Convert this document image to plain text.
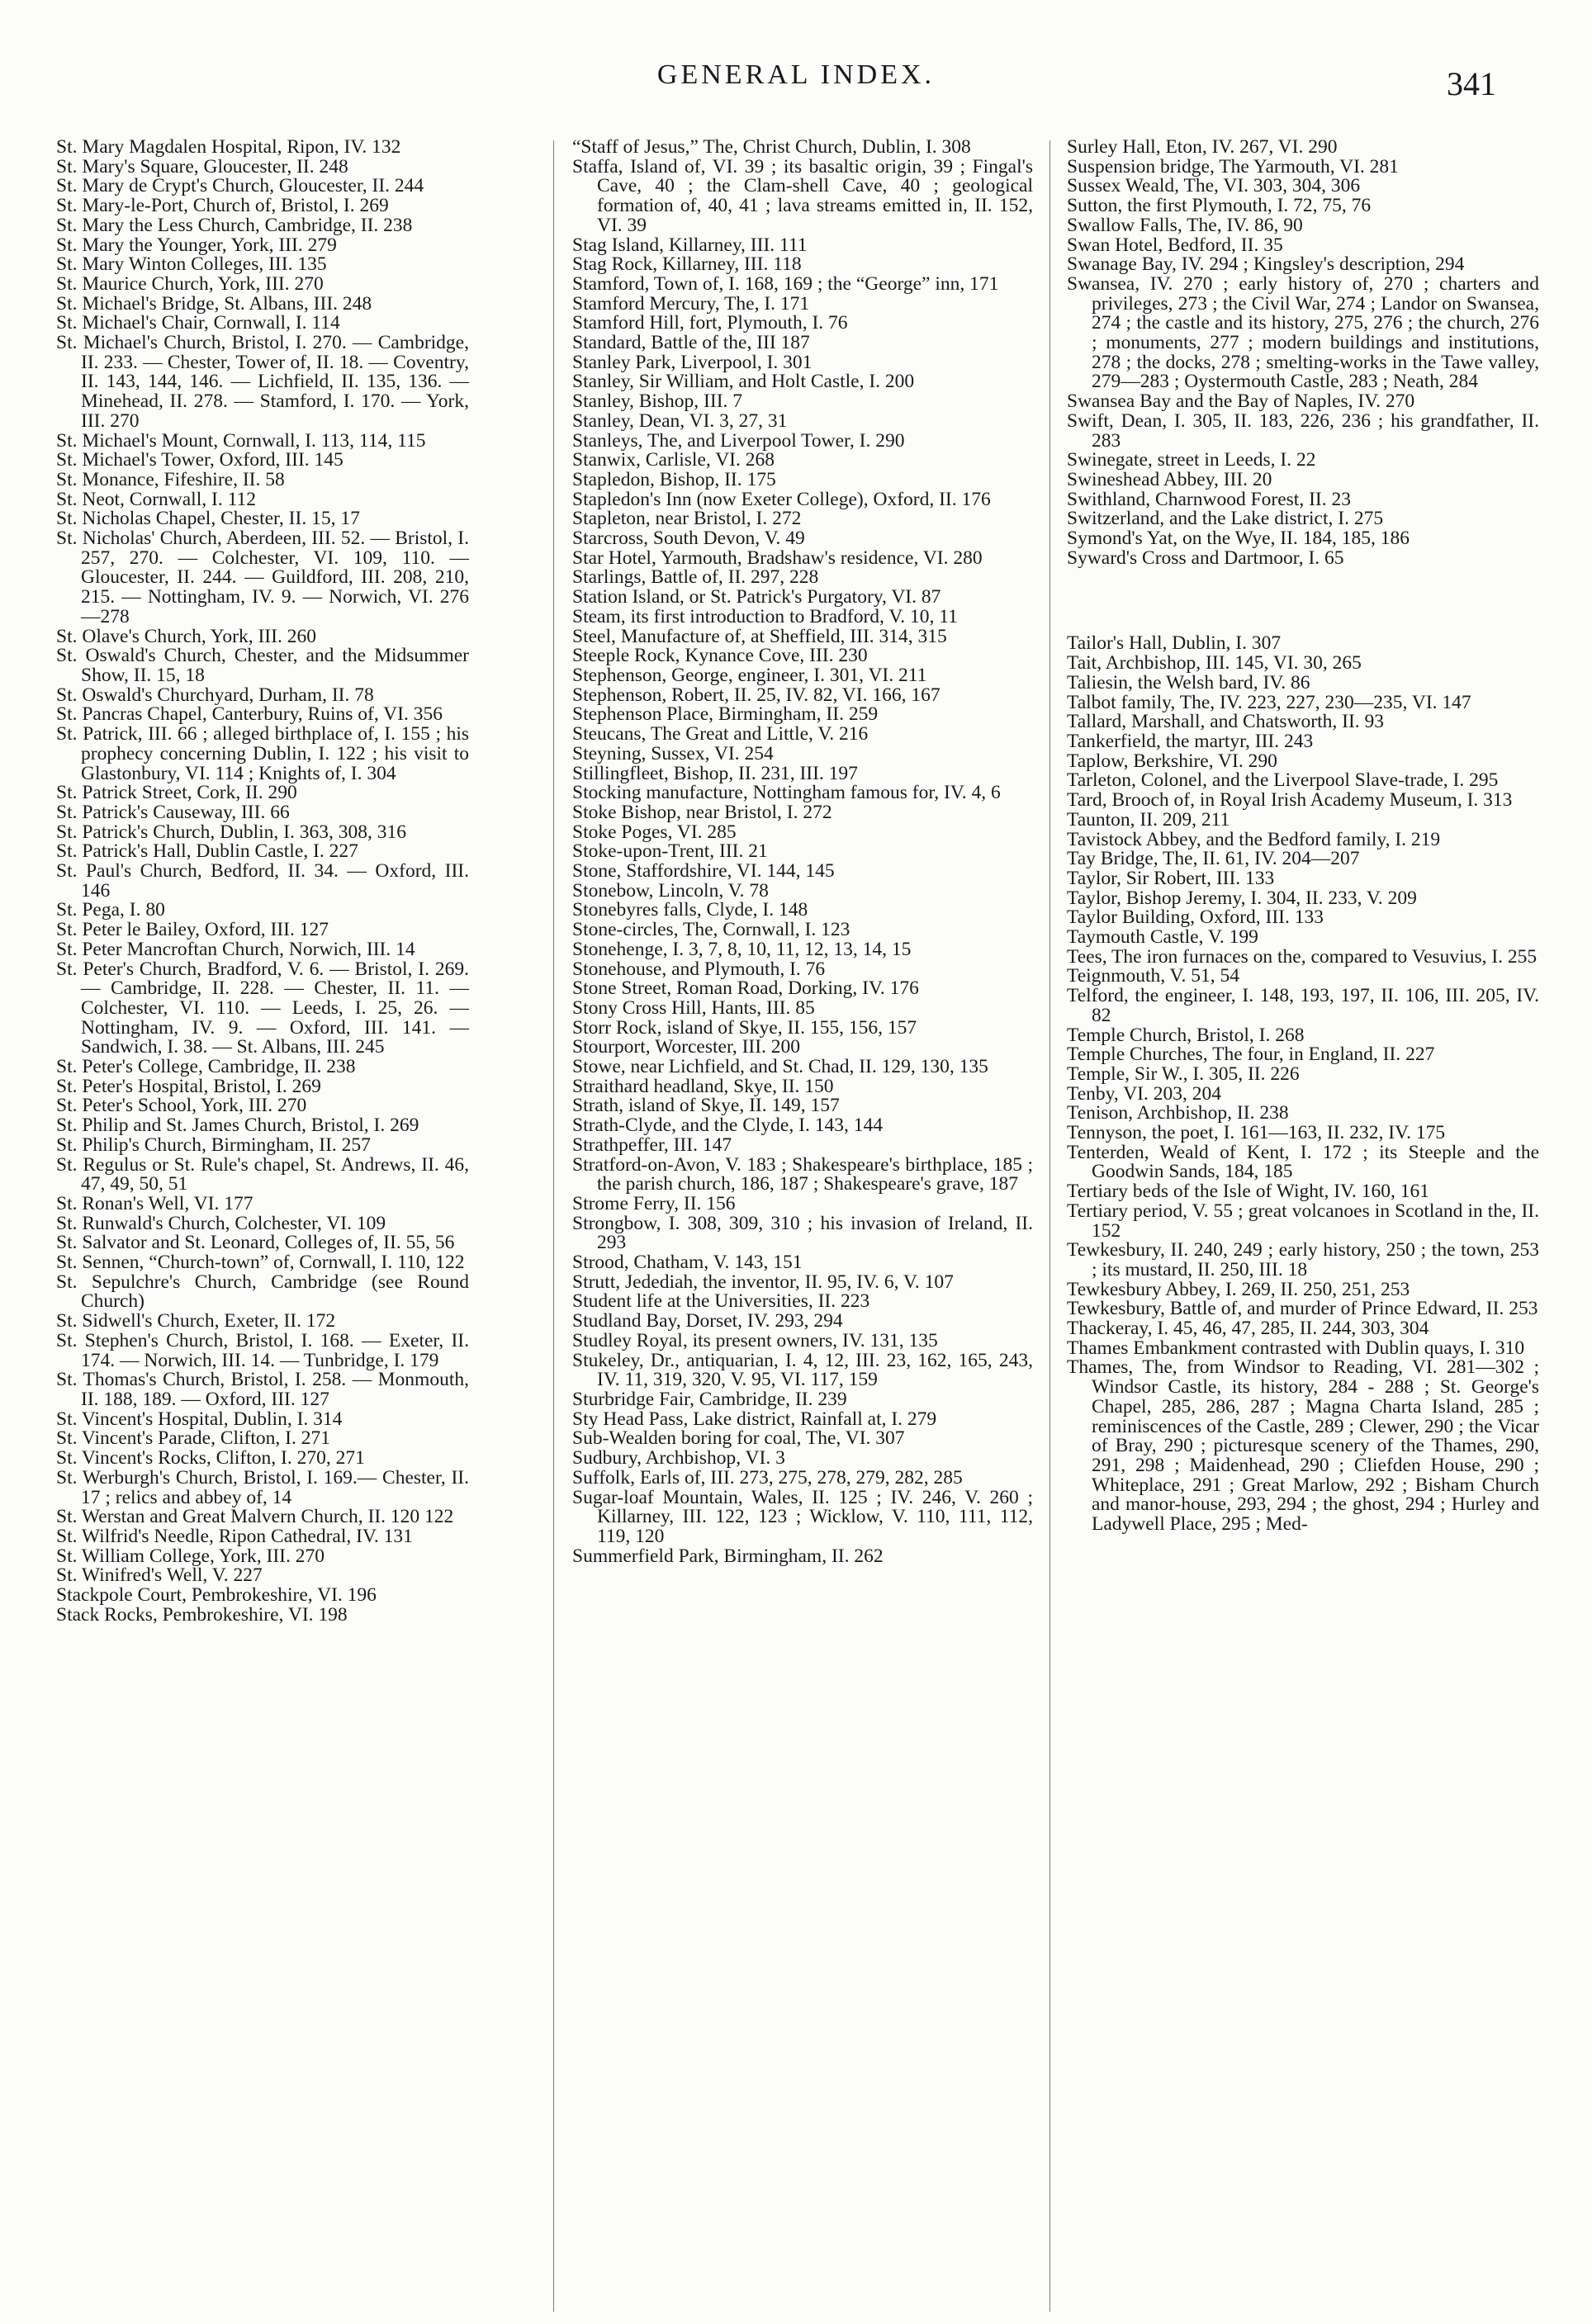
GENERAL INDEX.	341

St. Mary Magdalen Hospital, Ripon, IV. 132

St. Mary's Square, Gloucester, II. 248

St. Mary de Crypt's Church, Gloucester, II. 244

St. Mary-le-Port, Church of, Bristol, I. 269

St. Mary the Less Church, Cambridge, II. 238

St. Mary the Younger, York, III. 279

St. Mary Winton Colleges, III. 135

St. Maurice Church, York, III. 270

St. Michael's Bridge, St. Albans, III. 248

St. Michael's Chair, Cornwall, I. 114

St. Michael's Church, Bristol, I. 270. — Cambridge, II. 233. — Chester, Tower of, II. 18. — Coventry, II. 143, 144, 146. — Lichfield, II. 135, 136. — Minehead, II. 278. — Stamford, I. 170. — York, III. 270

St. Michael's Mount, Cornwall, I. 113, 114, 115

St. Michael's Tower, Oxford, III. 145

St. Monance, Fifeshire, II. 58

St. Neot, Cornwall, I. 112

St. Nicholas Chapel, Chester, II. 15, 17

St. Nicholas' Church, Aberdeen, III. 52. — Bristol, I. 257, 270. — Colchester, VI. 109, 110. — Gloucester, II. 244. — Guildford, III. 208, 210, 215. — Nottingham, IV. 9. — Norwich, VI. 276—278

St. Olave's Church, York, III. 260

St. Oswald's Church, Chester, and the Midsummer Show, II. 15, 18

St. Oswald's Churchyard, Durham, II. 78

St. Pancras Chapel, Canterbury, Ruins of, VI. 356

St. Patrick, III. 66 ; alleged birthplace of, I. 155 ; his prophecy concerning Dublin, I. 122 ; his visit to Glastonbury, VI. 114 ; Knights of, I. 304

St. Patrick Street, Cork, II. 290

St. Patrick's Causeway, III. 66

St. Patrick's Church, Dublin, I. 363, 308, 316

St. Patrick's Hall, Dublin Castle, I. 227

St. Paul's Church, Bedford, II. 34. — Oxford, III. 146

St. Pega, I. 80

St. Peter le Bailey, Oxford, III. 127

St. Peter Mancroftan Church, Norwich, III. 14

St. Peter's Church, Bradford, V. 6. — Bristol, I. 269. — Cambridge, II. 228. — Chester, II. 11. — Colchester, VI. 110. — Leeds, I. 25, 26. — Nottingham, IV. 9. — Oxford, III. 141. — Sandwich, I. 38. — St. Albans, III. 245

St. Peter's College, Cambridge, II. 238

St. Peter's Hospital, Bristol, I. 269

St. Peter's School, York, III. 270

St. Philip and St. James Church, Bristol, I. 269

St. Philip's Church, Birmingham, II. 257

St. Regulus or St. Rule's chapel, St. Andrews, II. 46, 47, 49, 50, 51

St. Ronan's Well, VI. 177

St. Runwald's Church, Colchester, VI. 109

St. Salvator and St. Leonard, Colleges of, II. 55, 56

St. Sennen, “Church-town” of, Cornwall, I. 110, 122

St. Sepulchre's Church, Cambridge (see Round Church)

St. Sidwell's Church, Exeter, II. 172

St. Stephen's Church, Bristol, I. 168. — Exeter, II. 174. — Norwich, III. 14. — Tunbridge, I. 179

St. Thomas's Church, Bristol, I. 258. — Monmouth, II. 188, 189. — Oxford, III. 127

St. Vincent's Hospital, Dublin, I. 314

St. Vincent's Parade, Clifton, I. 271

St. Vincent's Rocks, Clifton, I. 270, 271

St. Werburgh's Church, Bristol, I. 169.— Chester, II. 17 ; relics and abbey of, 14

St. Werstan and Great Malvern Church, II. 120 122

St. Wilfrid's Needle, Ripon Cathedral, IV. 131

St. William College, York, III. 270

St. Winifred's Well, V. 227

Stackpole Court, Pembrokeshire, VI. 196

Stack Rocks, Pembrokeshire, VI. 198

“Staff of Jesus,” The, Christ Church, Dublin, I. 308

Staffa, Island of, VI. 39 ; its basaltic origin, 39 ; Fingal's Cave, 40 ; the Clam-shell Cave, 40 ; geological formation of, 40, 41 ; lava streams emitted in, II. 152, VI. 39

Stag Island, Killarney, III. 111

Stag Rock, Killarney, III. 118

Stamford, Town of, I. 168, 169 ; the “George” inn, 171

Stamford Mercury, The, I. 171

Stamford Hill, fort, Plymouth, I. 76

Standard, Battle of the, III 187

Stanley Park, Liverpool, I. 301

Stanley, Sir William, and Holt Castle, I. 200

Stanley, Bishop, III. 7

Stanley, Dean, VI. 3, 27, 31

Stanleys, The, and Liverpool Tower, I. 290

Stanwix, Carlisle, VI. 268

Stapledon, Bishop, II. 175

Stapledon's Inn (now Exeter College), Oxford, II. 176

Stapleton, near Bristol, I. 272

Starcross, South Devon, V. 49

Star Hotel, Yarmouth, Bradshaw's residence, VI. 280

Starlings, Battle of, II. 297, 228

Station Island, or St. Patrick's Purgatory, VI. 87

Steam, its first introduction to Bradford, V. 10, 11

Steel, Manufacture of, at Sheffield, III. 314, 315

Steeple Rock, Kynance Cove, III. 230

Stephenson, George, engineer, I. 301, VI. 211

Stephenson, Robert, II. 25, IV. 82, VI. 166, 167

Stephenson Place, Birmingham, II. 259

Steucans, The Great and Little, V. 216

Steyning, Sussex, VI. 254

Stillingfleet, Bishop, II. 231, III. 197

Stocking manufacture, Nottingham famous for, IV. 4, 6

Stoke Bishop, near Bristol, I. 272

Stoke Poges, VI. 285

Stoke-upon-Trent, III. 21

Stone, Staffordshire, VI. 144, 145

Stonebow, Lincoln, V. 78

Stonebyres falls, Clyde, I. 148

Stone-circles, The, Cornwall, I. 123

Stonehenge, I. 3, 7, 8, 10, 11, 12, 13, 14, 15

Stonehouse, and Plymouth, I. 76

Stone Street, Roman Road, Dorking, IV. 176

Stony Cross Hill, Hants, III. 85

Storr Rock, island of Skye, II. 155, 156, 157

Stourport, Worcester, III. 200

Stowe, near Lichfield, and St. Chad, II. 129, 130, 135

Straithard headland, Skye, II. 150

Strath, island of Skye, II. 149, 157

Strath-Clyde, and the Clyde, I. 143, 144

Strathpeffer, III. 147

Stratford-on-Avon, V. 183 ; Shakespeare's birthplace, 185 ; the parish church, 186, 187 ; Shakespeare's grave, 187

Strome Ferry, II. 156

Strongbow, I. 308, 309, 310 ; his invasion of Ireland, II. 293

Strood, Chatham, V. 143, 151

Strutt, Jedediah, the inventor, II. 95, IV. 6, V. 107

Student life at the Universities, II. 223

Studland Bay, Dorset, IV. 293, 294

Studley Royal, its present owners, IV. 131, 135

Stukeley, Dr., antiquarian, I. 4, 12, III. 23, 162, 165, 243, IV. 11, 319, 320, V. 95, VI. 117, 159

Sturbridge Fair, Cambridge, II. 239

Sty Head Pass, Lake district, Rainfall at, I. 279

Sub-Wealden boring for coal, The, VI. 307

Sudbury, Archbishop, VI. 3

Suffolk, Earls of, III. 273, 275, 278, 279, 282, 285

Sugar-loaf Mountain, Wales, II. 125 ; IV. 246, V. 260 ; Killarney, III. 122, 123 ; Wicklow, V. 110, 111, 112, 119, 120

Summerfield Park, Birmingham, II. 262

Surley Hall, Eton, IV. 267, VI. 290

Suspension bridge, The Yarmouth, VI. 281

Sussex Weald, The, VI. 303, 304, 306

Sutton, the first Plymouth, I. 72, 75, 76

Swallow Falls, The, IV. 86, 90

Swan Hotel, Bedford, II. 35

Swanage Bay, IV. 294 ; Kingsley's description, 294

Swansea, IV. 270 ; early history of, 270 ; charters and privileges, 273 ; the Civil War, 274 ; Landor on Swansea, 274 ; the castle and its history, 275, 276 ; the church, 276 ; monuments, 277 ; modern buildings and institutions, 278 ; the docks, 278 ; smelting-works in the Tawe valley, 279—283 ; Oystermouth Castle, 283 ; Neath, 284

Swansea Bay and the Bay of Naples, IV. 270

Swift, Dean, I. 305, II. 183, 226, 236 ; his grandfather, II. 283

Swinegate, street in Leeds, I. 22

Swineshead Abbey, III. 20

Swithland, Charnwood Forest, II. 23

Switzerland, and the Lake district, I. 275

Symond's Yat, on the Wye, II. 184, 185, 186

Syward's Cross and Dartmoor, I. 65

Tailor's Hall, Dublin, I. 307

Tait, Archbishop, III. 145, VI. 30, 265

Taliesin, the Welsh bard, IV. 86

Talbot family, The, IV. 223, 227, 230—235, VI. 147

Tallard, Marshall, and Chatsworth, II. 93

Tankerfield, the martyr, III. 243

Taplow, Berkshire, VI. 290

Tarleton, Colonel, and the Liverpool Slave-trade, I. 295

Tard, Brooch of, in Royal Irish Academy Museum, I. 313

Taunton, II. 209, 211

Tavistock Abbey, and the Bedford family, I. 219

Tay Bridge, The, II. 61, IV. 204—207

Taylor, Sir Robert, III. 133

Taylor, Bishop Jeremy, I. 304, II. 233, V. 209

Taylor Building, Oxford, III. 133

Taymouth Castle, V. 199

Tees, The iron furnaces on the, compared to Vesuvius, I. 255

Teignmouth, V. 51, 54

Telford, the engineer, I. 148, 193, 197, II. 106, III. 205, IV. 82

Temple Church, Bristol, I. 268

Temple Churches, The four, in England, II. 227

Temple, Sir W., I. 305, II. 226

Tenby, VI. 203, 204

Tenison, Archbishop, II. 238

Tennyson, the poet, I. 161—163, II. 232, IV. 175

Tenterden, Weald of Kent, I. 172 ; its Steeple and the Goodwin Sands, 184, 185

Tertiary beds of the Isle of Wight, IV. 160, 161

Tertiary period, V. 55 ; great volcanoes in Scotland in the, II. 152

Tewkesbury, II. 240, 249 ; early history, 250 ; the town, 253 ; its mustard, II. 250, III. 18

Tewkesbury Abbey, I. 269, II. 250, 251, 253

Tewkesbury, Battle of, and murder of Prince Edward, II. 253

Thackeray, I. 45, 46, 47, 285, II. 244, 303, 304

Thames Embankment contrasted with Dublin quays, I. 310

Thames, The, from Windsor to Reading, VI. 281—302 ; Windsor Castle, its history, 284 - 288 ; St. George's Chapel, 285, 286, 287 ; Magna Charta Island, 285 ; reminiscences of the Castle, 289 ; Clewer, 290 ; the Vicar of Bray, 290 ; picturesque scenery of the Thames, 290, 291, 298 ; Maidenhead, 290 ; Cliefden House, 290 ; Whiteplace, 291 ; Great Marlow, 292 ; Bisham Church and manor-house, 293, 294 ; the ghost, 294 ; Hurley and Ladywell Place, 295 ; Med-
